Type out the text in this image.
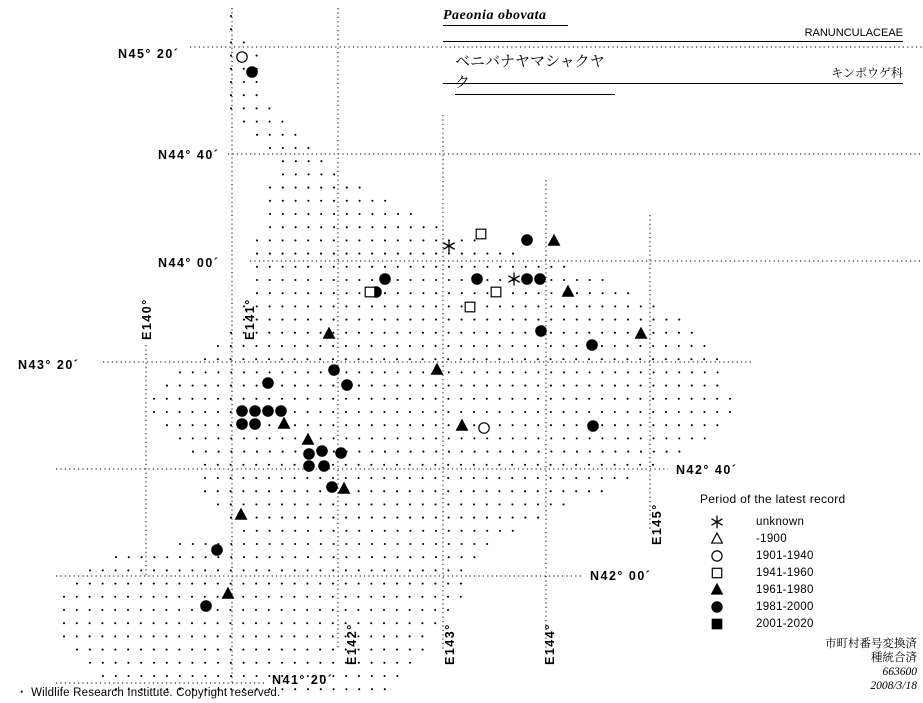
Paeonia obovata
RANUNCULACEAE
ベニバナヤマシャクヤク	キンポウゲ科
N45° 20´
N44° 40´
N44° 00´
N43° 20´
N42° 40´
N42° 00´
N41° 20´
E140°	E141°
E142°	E143°	E144°
E145°
Period of the latest record
unknown
-1900
1901-1940
1941-1960
1961-1980
1981-2000
2001-2020
市町村番号変換済
種統合済
663600
2008/3/18
・ Wildlife Research Institute. Copyright reserved.
